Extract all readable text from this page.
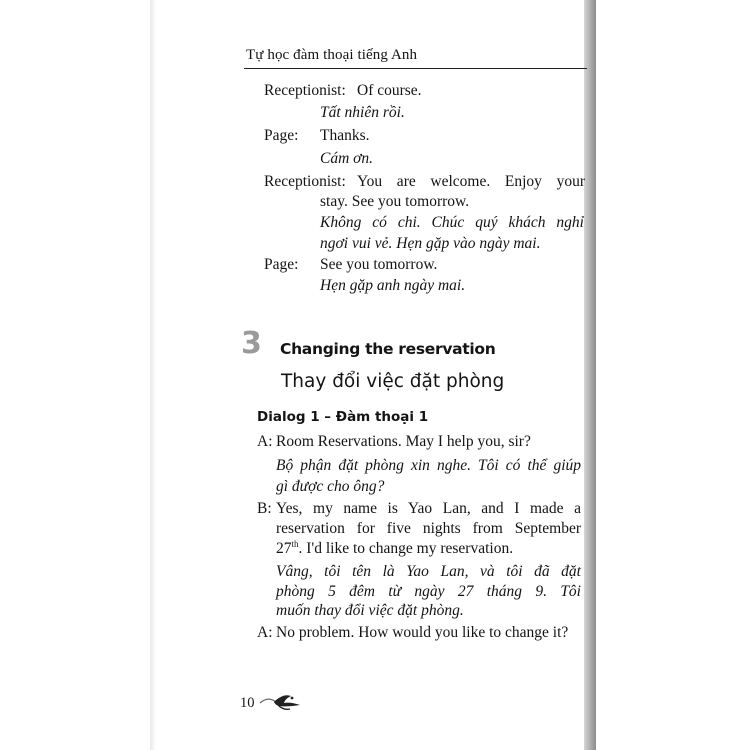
Tự học đàm thoại tiếng Anh
Receptionist: Of course.
Tất nhiên rồi.
Page: Thanks.
Cám ơn.
Receptionist: You are welcome. Enjoy your
stay. See you tomorrow.
Không có chi. Chúc quý khách nghỉ
ngơi vui vẻ. Hẹn gặp vào ngày mai.
Page: See you tomorrow.
Hẹn gặp anh ngày mai.
3 Changing the reservation
Thay đổi việc đặt phòng
Dialog 1 – Đàm thoại 1
A: Room Reservations. May I help you, sir?
Bộ phận đặt phòng xin nghe. Tôi có thể giúp
gì được cho ông?
B: Yes, my name is Yao Lan, and I made a
reservation for five nights from September
27th. I'd like to change my reservation.
Vâng, tôi tên là Yao Lan, và tôi đã đặt
phòng 5 đêm từ ngày 27 tháng 9. Tôi
muốn thay đổi việc đặt phòng.
A: No problem. How would you like to change it?
10
